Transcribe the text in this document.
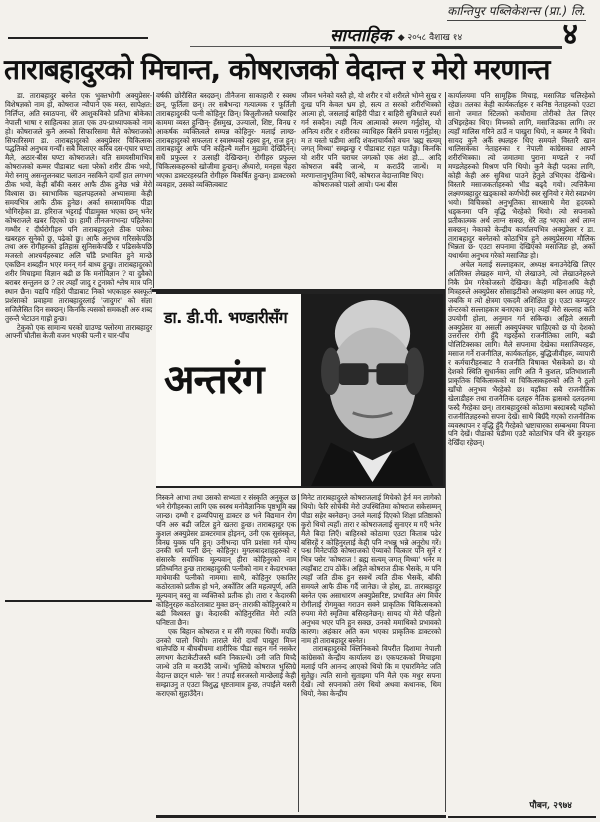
कान्तिपुर पब्लिकेशन्स (प्रा.) लि.
साप्ताहिक ◆ २०५८ वैशाख १४	४
ताराबहादुरको मिचान्त, कोषराजको वेदान्त र मेरो मरणान्त

डा. ताराबहादुर बस्नेत एक भुक्तभोगी अक्युप्रेसर-विशेषज्ञको नाम हो, कोषराज न्यौपाने एक मस्त, सापेक्षत: निर्लिप्त, अति स्वाठपना, धेरै आशुकविको प्रतिभा बोकेका नेपाली भाषा र साहित्यका ज्ञाता एक उप-प्राध्यापकको नाम हो। कोषराजले कुनै अरुको सिफारिसमा मैले कोषराजको सिफारिसमा डा. ताराबहादुरको अक्युप्रेसर चिकित्सक पद्धतिको अनुभव गर्न्यौं। सबै मिलाएर करिब दस-एघार घण्टा मैले, अठार-बीस घण्टा कोषराजले। यति समयसीमाभित्र कोषराजको कम्मर पीडाबाट थला परेको शरीर ठीक भयो, मेरो स्नायु असन्तुलनबाट चलाउन नसकिने दायाँ हात लगभग ठीक भयो, केही बाँकी कसर आफै ठीक हुनेछ भन्ने मेरो विश्वास छ। स्वाभाविक चहलपहलको अभ्यासमा केही समयभित्र आफै ठीक हुनेछ। अर्का समसामयिक पीडा भोगिरहेका डा. हरिराज भट्टराई पीडामुक्त भएका छन् भनेर कोषराजले खबर दिएको छ। हामी तीनजनाभन्दा पहिलेका गम्भीर र दीर्घरोगीहरु पनि ताराबहादुरले ठीक पारेका खबरहरु सुनेको छु, पढेको छु। आफै अनुभव गरिसकेपछि तथा अरु रोगीहरुको इतिहास सुनिसकेपछि र पढिसकेपछि मजस्तो आश्चर्यहरुबाट अलि चाँडै प्रभावित हुने मान्छे एकछिन शब्दहीन भएर मनन् गर्न बाध्य हुन्छु। ताराबहादुरको शरीर मिचाइमा विज्ञान बढी छ कि मनोविज्ञान ? या दुवैको बराबर सन्तुलन छ ? तर त्यहाँ जादु र टुनाको श्लेष मात्र पनि स्थान छैन। यद्यपि गहिरो पीडाबाट निको भएकाहरु स्वस्फूर्त प्रशंसाको प्रवाहमा ताराबहादुरलाई 'जादुगर' को संज्ञा सजिलैसित दिन सक्छन्। किनकि त्यसको समकक्षी अरु शब्द तुरुन्तै भेटाउन गाह्रो हुन्छ।

टेकुको एक सामान्य घरको ग्राउण्ड फ्लोरमा ताराबहादुर आफ्नी चौतीस केजी वजन भएकी पत्नी र चार-पाँच

वर्षकी छोरीसित बस्दछन्। तीनैजना साकाहारी र स्वस्थ छन्, फूर्तिला छन्। तर सबैभन्दा गत्यात्मक र फूर्तिली ताराबहादुरकी पत्नी कोहिनुर छिन्। बिजुलीजस्तै घरबाहिर काममा व्यस्त हुन्छिन्- हँसमुख, उज्यालो, शिष्ट, विनम्र र आकर्षक व्यक्तित्वले सम्पन्न कोहिनुर- मलाई लाग्छ- ताराबहादुरको सफलता र स्वास्थ्यको रहस्य हुन्, राज हुन्। ताराबहादुर आफै पनि कहिल्यै मलीन मुद्रामा देखिँदैनन्। सधैं प्रफुल्ल र उत्साही देखिन्छन्। रोगीहरु प्रफुल्ल चिकित्सकहरुको खोजीमा हुन्छन्। अँध्यारो, मनहस चेहरा भएका डाक्टरहरुप्रति रोगीहरु विकर्षित हुन्छन्। डाक्टरको व्यवहार, उसको व्यक्तित्वबाट

जीवन भनेको यस्तै हो, यो शरीर र यो शरीरले भोग्ने सुख र दुःख पनि केवल भ्रम हो, सत्य त सरको शरीरभित्रको आत्मा हो, जसलाई बाहिरी पीडा र बाहिरी सुविधाले स्पर्श गर्न सक्दैन। त्यही नित्य आत्माको स्मरण गर्नुहोस्, यो अनित्य शरीर र शरीरका व्याधिहरु बिर्सने प्रयास गर्नुहोस्। म त यस्तो घडीमा आदि शंकराचार्यको वचन 'ब्रह्म सत्यम् जगत् मिथ्या' सम्झन्छु र पीडाबाट राहत पाउँछु। किनकि यो शरीर पनि चराचर जगत्को एक अंश हो... आदि कोषराज बर्बदै जान्थे, म कराउँदै जान्थें। म मरणान्तानुभूतिमा थिएँ, कोषराज वेदान्ताविष्ट थिए।

कोषराजको पालो आयो। पन्ध बीस

कार्यालयमा पनि सामूहिक मिचाइ, मसाजिङ चलिरहेको रहेछ। तलका केही कार्यकर्ताहरु र कनिष्ठ नेताहरुको एउटा सानो जमात स्टिलको कचौरामा तोरीको तेल लिएर उभिइरहेका थिए। मिच्नको लागि, मसाजिङका लागि। तर त्यहाँ मालिस गरिने ठाउँ न पाखुरा थियो, न कम्मर नै थियो। सायद कुनै अर्कै स्थलहरु थिए समयले विस्तारै खान थालिसकेका नेताहरुका र नेपाली कांग्रेसका आफ्नै शरीरभित्रका। त्यो जमातमा पुराना मण्डले र नयाँ मण्डलेहरुको मिश्रण पनि थियो। कुनै केही पदका लागि, कोही केही अरु सुविधा पाउने हेतुले उभिएका देखिन्थे। विस्तारै मसाजकर्ताहरुको भीड बढ्दै गयो। त्यत्तिकैमा लक्ष्मणबहादुर खड्काको कर्णभेदी स्वर सुनियो र मेरो स्वप्नभंग भयो। विचित्रको अनुभूतिका साथसाथै मेरा हृदयको धड्कनमा पनि वृद्धि भैरहेको थियो। त्यो सपनाको प्रतीकात्मक अर्थ लाग्न सक्छ, धेरै तह भएका अर्थ लाग्न सक्छन्। नेकाको केन्द्रीय कार्यालयभित्र अक्युप्रेसर र डा. ताराबहादुर बस्नेतको कोठाभित्र हुने अक्युप्रेसरमा मौलिक भिन्नता छ- एउटा सपनामा देखिएको मसाजिङ हो, अर्को यथार्थमा अनुभव गरेको मसाजिङ हो।

अचेल मलाई सल्लाहकार, अध्यक्ष बनाउनेदेखि लिएर अतिरिक्त लेखहरु माग्ने, यो लेखाउने, त्यो लेखाउनेहरुले निकै प्रेम गरेकोजस्तो देखिन्छ। केही महिनाअघि केही मित्रहरुले अक्युप्रेसर सोसाइटीको अध्यक्षमा बस्न आग्रह गरे, जबकि म त्यो क्षेत्रमा एकदमै अशिक्षित छु। एउटा कम्प्युटर सेन्टरको सल्लाहकार बनाएका छन्। त्यहाँ मेरो सल्लाह कति उपयोगी होला, अनुमान गर्न सकिन्छ। अहिले असली अक्युप्रेसर वा असली अक्युपंक्चर चाहिएको छ यो देशको उत्तरोत्तर रोगी हुँदै गइरहेको राजनीतिका लागि, बढी पोलिटिक्सका लागि। मैले सपनामा देखेका मसाजियरहरु, मसाज गर्ने राजनीतिज्ञ, कार्यकर्ताहरु, बुद्धिजीवीहरु, व्यापारी र कर्मचारीहरुबाट नै राजनीति विषाक्त भैसकेको छ। यो देशको स्थिति सुधार्नका लागि अति नै कुशल, प्रतिभाशाली प्राकृतिक चिकित्सकको वा चिकित्सकहरुको अति नै ठूलो खाँचो अनुभव भैरहेको छ। यहाँका सबै राजनीतिक खेलाडीहरु तथा राजनैतिक दलहरु नैतिक ह्रासको दलदलमा फस्दै गैरहेका छन्। ताराबहादुरको कोठामा बस्दाबस्दै यहाँको राजनीतिज्ञहरुको सपना देखें। साथै बिग्रँदै गएको राजनीतिक व्यवस्थापन र वृद्धि हुँदै गैरहेको भ्रष्टाचारका सम्बन्धमा विपना पनि देखें। पीडाको घडीमा एउटै कोठाभित्र पनि धेरै कुराहरु देखिँदा रहेछन्।

डा. डी.पी. भण्डारीसँग
अन्तरंग

निस्कने आभा तथा उसको सभ्यता र संस्कृति अनुकूल छ भने रोगीहरुका लागि एक स्वस्थ मनोवैज्ञानिक पृष्ठभूमि बन्न जान्छ। दम्भी र द्रव्यपिपासु डाक्टर छ भने विद्यमान रोग पनि अरु बढी जटिल हुने खतरा हुन्छ। ताराबहादुर एक कुशल अक्युप्रेसर डाक्टरमात्र होइनन्, उनी एक सुसंस्कृत, विनम्र युवक पनि हुन्। उनीभन्दा पनि प्रशंसा गर्न योग्य उनकी धर्म पत्नी छन्- कोहिनुर। मुगलबादशाहहरुको र संसारकै सर्वाधिक मूल्यवान् हीरा कोहिनुरको नाम प्रतिध्वनित हुन्छ ताराबहादुरकी पत्नीको नाम र केदारभक्त माथेमाकी पत्नीको नाममा। साथै, कोहिनुर एकातिर कठोरताको प्रतीक हो भने, अर्कोतिर अति महत्वपूर्ण, अति मूल्यवान् वस्तु वा व्यक्तिको प्रतीक हो। तारा र केदारकी कोहिनुरहरु कठोरताबाट मुक्त छन्- ताराकी कोहिनुरबारे म बढी विश्वस्त छु। केदारकी कोहिनुरसित मेरो त्यति घनिष्टता छैन।

एक बिहान कोषराज र म सँगै गएका थियौं। मपछि उनको पालो थियो। ताराले मेरो दायाँ पाखुरा मिच्न थालेपछि म बीचबीचमा शारीरिक पीडा सहन गर्न नसकेर लगभग केटाकेटीजस्तै ध्वनि निकाल्थें। उनी जति मिच्दै जान्थे उति म कराउँदै जान्थें। भुस्तिग्रे कोषराज भुस्तिग्रे वेदान्त छाट्न थाले- 'सर ! तपाईं सरजस्तो मान्छेलाई केही सम्झाउनु त एउटा विशुद्ध धृष्टतामात्र हुन्छ, तपाईंले यसरी कराएको सुहाउँदैन।

मिनेट ताराबहादुरले कोषराजलाई मिचेको हेर्न मन लागेको थियो। फेरि सोचेकी मेरो उपस्थितिमा कोषराज सकेसम्मन् पीडा सहेर बस्नेछन्। उनले मलाई दिएको शिक्षा प्रतिष्ठाको कुरो थियो त्यहाँ। तारा र कोषराजलाई सुनाएर म गएँ भनेर मैले बिदा लिएँ। बाहिरको कोठामा एउटा किताब पढेर बसिरहें र कोहिनुरलाई केही पनि नभन्नु भन्ने अनुरोध गरें। पन्ध्र मिनेटपछि कोषराजको ऐय्याको चित्कार पनि सुनें र भित्र पसेर 'कोषराज ! ब्रह्म सत्यम् जगत् मिथ्या' भनेर म त्यहाँबाट टाप ठोकें। अहिले कोषराज ठीक भैसके, म पनि त्यहाँ जति ठीक हुन सक्थें त्यति ठीक भैसकें, बाँकी समयले आफै ठीक गर्दै जानेछ। जे होस्, डा. ताराबहादुर बस्नेत एक असाधारण अक्युप्रेसरिष्ट, प्रभावित अंग मिचेर रोगीलाई रोगमुक्त गराउन सक्ने प्राकृतिक चिकित्सकको रुपमा मेरो स्मृतिमा बसिरहनेछन्। सायद यो मेरो पहिलो अनुभव भएर पनि हुन सक्छ, उनको ममाथिको प्रभावको कारण। अहंकार अति कम भएका प्राकृतिक डाक्टरको नाम हो ताराबहादुर बस्नेत।

ताराबहादुरको क्लिनिकको विपरीत दिशामा नेपाली कांग्रेसको केन्द्रीय कार्यालय छ। एकपटकको मिचाइमा मलाई पनि आनन्द आएको थियो कि म एघारमिनेट जति सुतेछु। त्यति सानो सुताइमा पनि मैले एक मधुर सपना देखें। त्यो सपनाको तरंग थियो अथवा कथानक, थिम थियो, नेका केन्द्रीय

पौबन, २९७४
